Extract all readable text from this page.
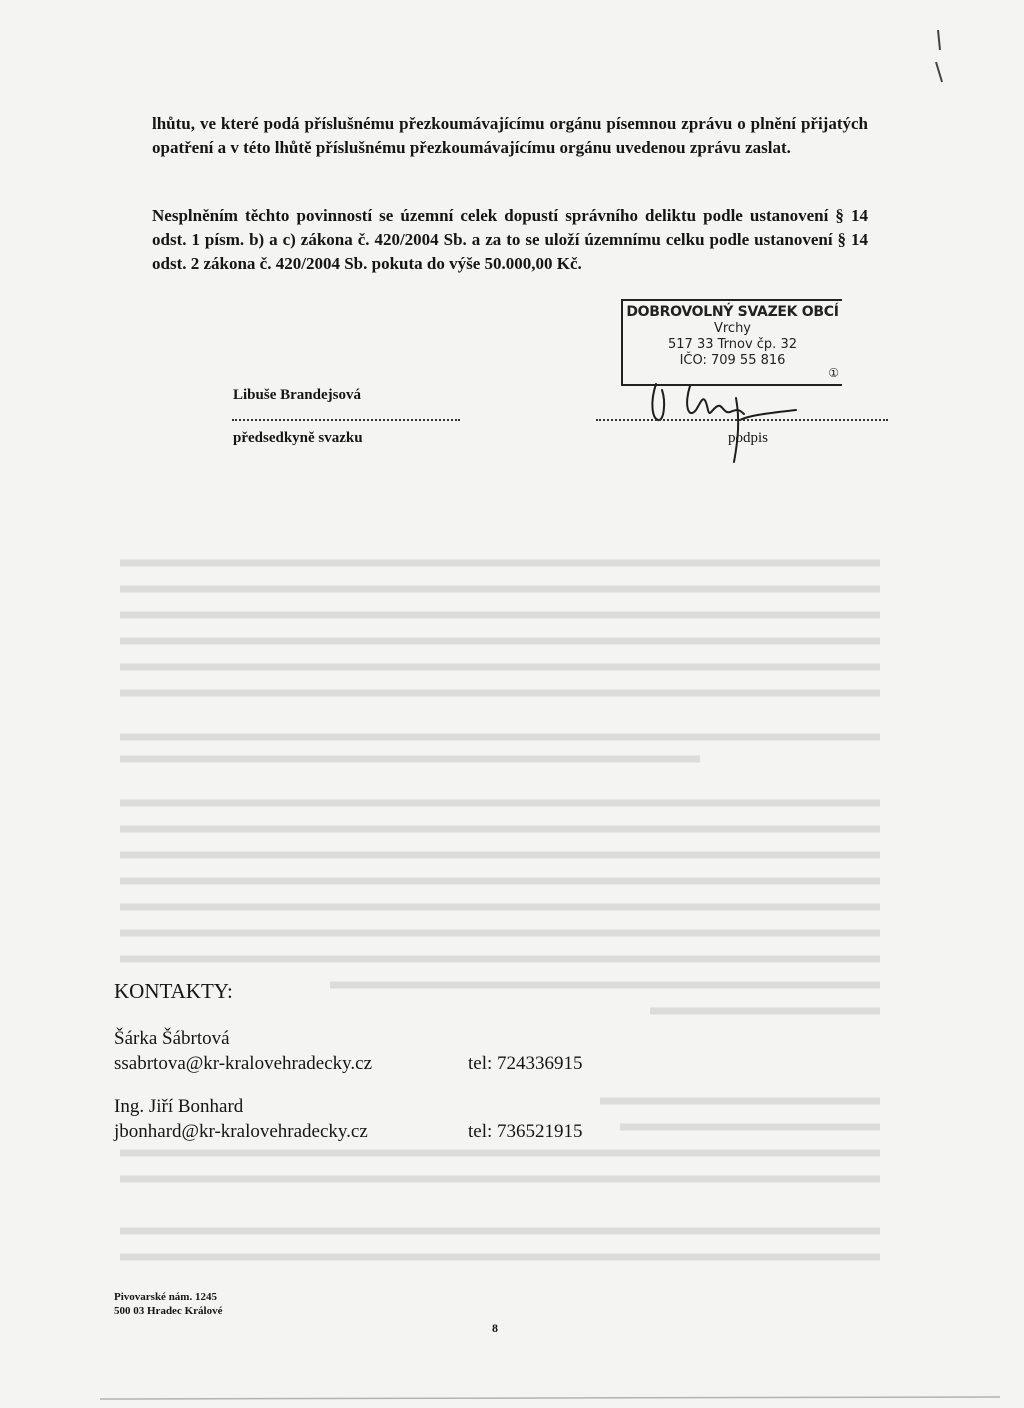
lhůtu, ve které podá příslušnému přezkoumávajícímu orgánu písemnou zprávu o plnění přijatých opatření a v této lhůtě příslušnému přezkoumávajícímu orgánu uvedenou zprávu zaslat.

Nesplněním těchto povinností se územní celek dopustí správního deliktu podle ustanovení § 14 odst. 1 písm. b) a c) zákona č. 420/2004 Sb. a za to se uloží územnímu celku podle ustanovení § 14 odst. 2 zákona č. 420/2004 Sb. pokuta do výše 50.000,00 Kč.

DOBROVOLNÝ SVAZEK OBCÍ
Vrchy
517 33 Trnov čp. 32
IČO: 709 55 816
①
Libuše Brandejsová
předsedkyně svazku	podpis
KONTAKTY:
Šárka Šábrtová
ssabrtova@kr-kralovehradecky.cz	tel: 724336915
Ing. Jiří Bonhard
jbonhard@kr-kralovehradecky.cz	tel: 736521915
Pivovarské nám. 1245
500 03 Hradec Králové
8
